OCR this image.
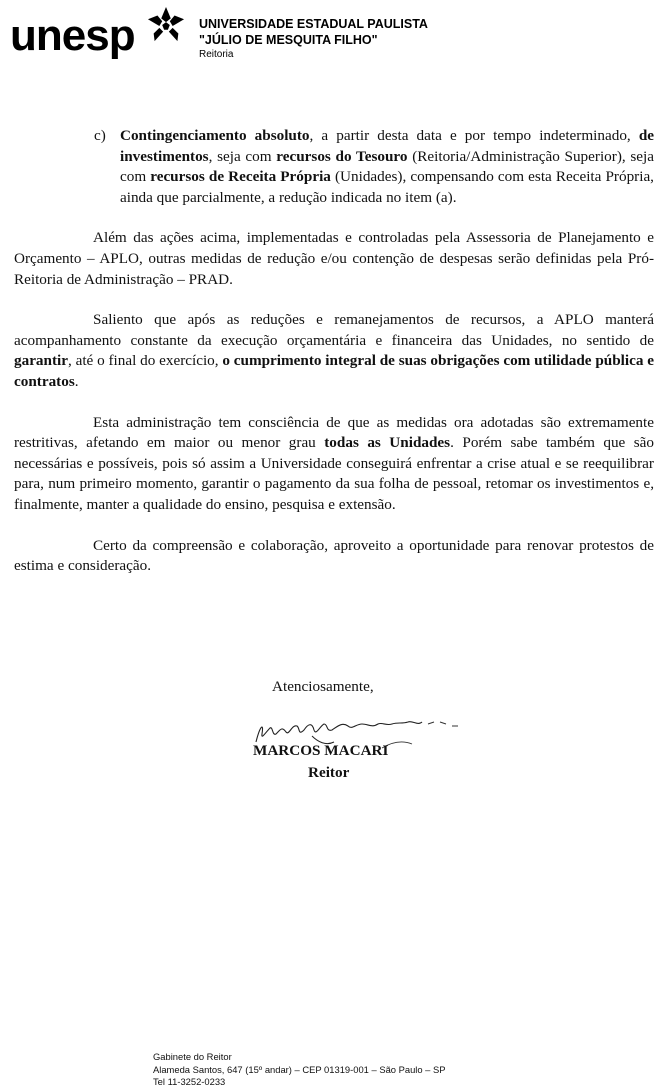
unesp	UNIVERSIDADE ESTADUAL PAULISTA
"JÚLIO DE MESQUITA FILHO"
Reitoria

c) Contingenciamento absoluto, a partir desta data e por tempo indeterminado, de investimentos, seja com recursos do Tesouro (Reitoria/Administração Superior), seja com recursos de Receita Própria (Unidades), compensando com esta Receita Própria, ainda que parcialmente, a redução indicada no item (a).

Além das ações acima, implementadas e controladas pela Assessoria de Planejamento e Orçamento – APLO, outras medidas de redução e/ou contenção de despesas serão definidas pela Pró-Reitoria de Administração – PRAD.

Saliento que após as reduções e remanejamentos de recursos, a APLO manterá acompanhamento constante da execução orçamentária e financeira das Unidades, no sentido de garantir, até o final do exercício, o cumprimento integral de suas obrigações com utilidade pública e contratos.

Esta administração tem consciência de que as medidas ora adotadas são extremamente restritivas, afetando em maior ou menor grau todas as Unidades. Porém sabe também que são necessárias e possíveis, pois só assim a Universidade conseguirá enfrentar a crise atual e se reequilibrar para, num primeiro momento, garantir o pagamento da sua folha de pessoal, retomar os investimentos e, finalmente, manter a qualidade do ensino, pesquisa e extensão.

Certo da compreensão e colaboração, aproveito a oportunidade para renovar protestos de estima e consideração.

Atenciosamente,
MARCOS MACARI
Reitor
Gabinete do Reitor
Alameda Santos, 647 (15º andar) – CEP 01319-001 – São Paulo – SP
Tel 11-3252-0233
